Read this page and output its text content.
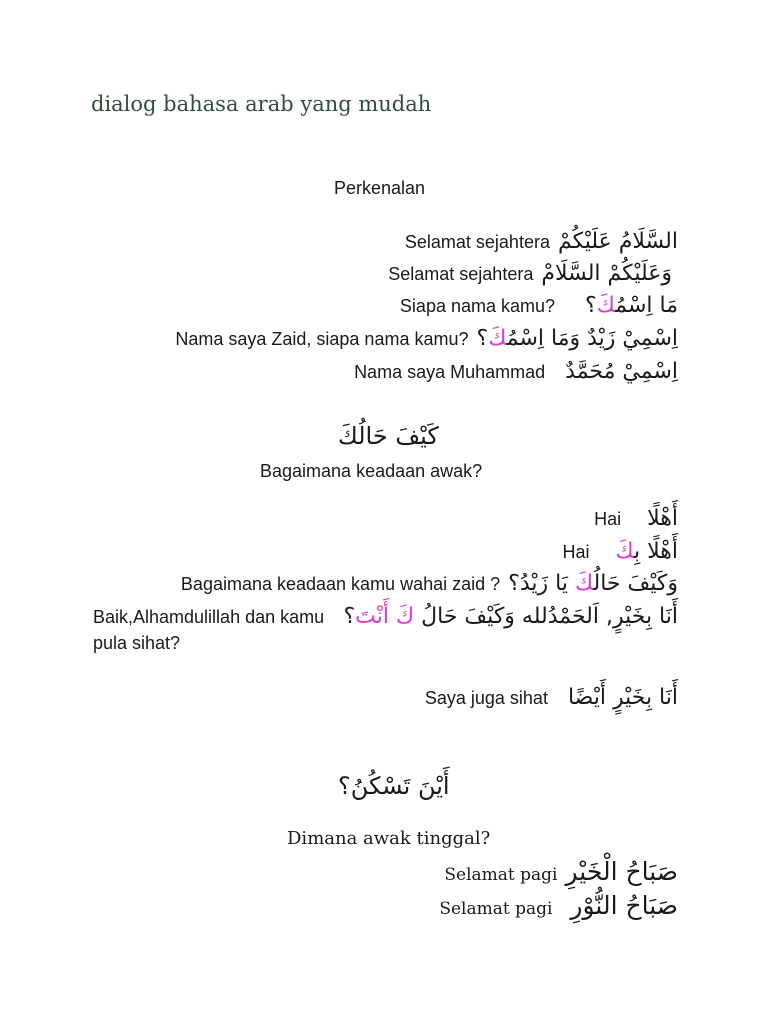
dialog bahasa arab yang mudah
Perkenalan
Selamat sejahtera السَّلَامُ عَلَيْكُمْ
Selamat sejahtera وَعَلَيْكُمْ السَّلَامْ
Siapa nama kamu?	مَا اِسْمُكَ؟
Nama saya Zaid, siapa nama kamu?	اِسْمِيْ زَيْدٌ وَمَا اِسْمُكَ؟
Nama saya Muhammad اِسْمِيْ مُحَمَّدٌ
كَيْفَ حَالُكَ
Bagaimana keadaan awak?
Hai أَهْلًا
Hai	أَهْلًا بِكَ
Bagaimana keadaan kamu wahai zaid ?	وَكَيْفَ حَالُكَ يَا زَيْدُ؟
Baik,Alhamdulillah dan kamu pula sihat?
أَنَا بِخَيْرٍ, اَلحَمْدُلله وَكَيْفَ حَالُ كَ أَنْتَ؟
Saya juga sihat أَنَا بِخَيْرٍ أَيْضًا
أَيْنَ تَسْكُنُ؟
Dimana awak tinggal?
Selamat pagi صَبَاحُ الْخَيْرِ
Selamat pagi صَبَاحُ النُّوْرِ
